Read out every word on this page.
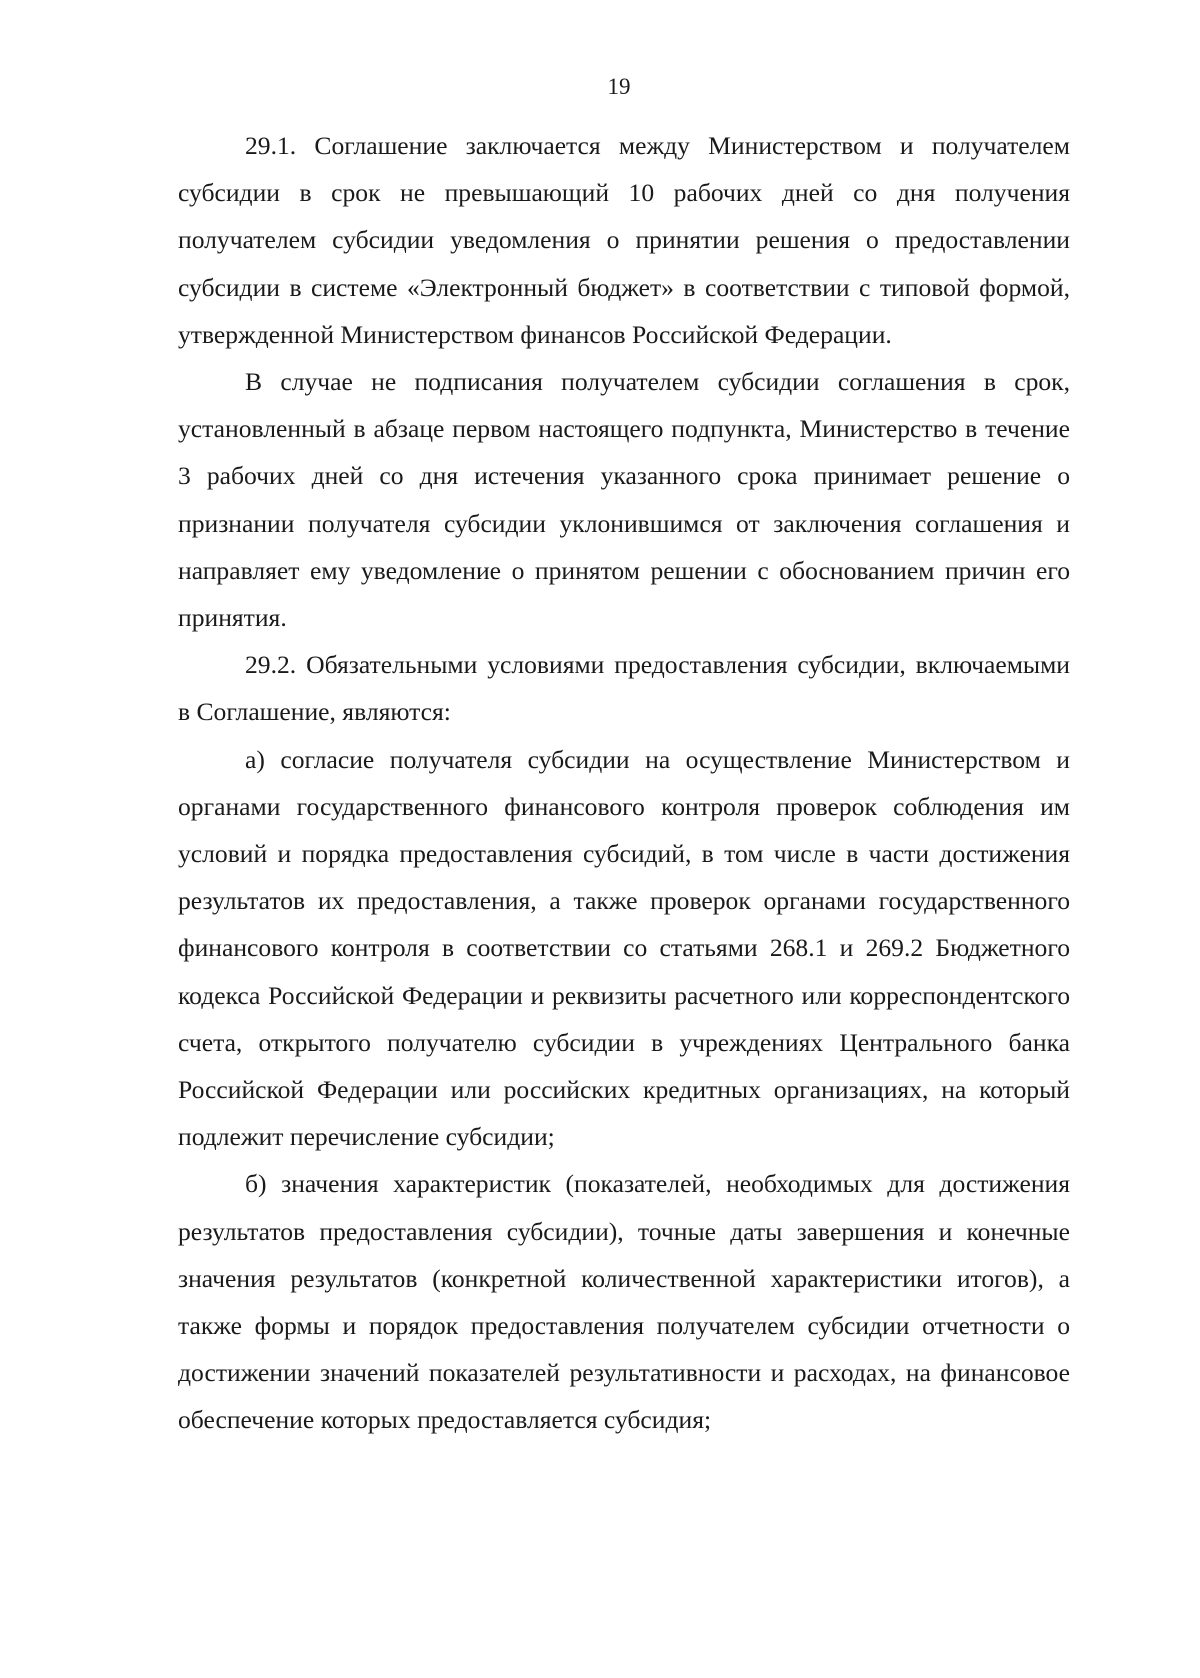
19

29.1. Соглашение заключается между Министерством и получателем субсидии в срок не превышающий 10 рабочих дней со дня получения получателем субсидии уведомления о принятии решения о предоставлении субсидии в системе «Электронный бюджет» в соответствии с типовой формой, утвержденной Министерством финансов Российской Федерации.

В случае не подписания получателем субсидии соглашения в срок, установленный в абзаце первом настоящего подпункта, Министерство в течение 3 рабочих дней со дня истечения указанного срока принимает решение о признании получателя субсидии уклонившимся от заключения соглашения и направляет ему уведомление о принятом решении с обоснованием причин его принятия.

29.2. Обязательными условиями предоставления субсидии, включаемыми в Соглашение, являются:

а) согласие получателя субсидии на осуществление Министерством и органами государственного финансового контроля проверок соблюдения им условий и порядка предоставления субсидий, в том числе в части достижения результатов их предоставления, а также проверок органами государственного финансового контроля в соответствии со статьями 268.1 и 269.2 Бюджетного кодекса Российской Федерации и реквизиты расчетного или корреспондентского счета, открытого получателю субсидии в учреждениях Центрального банка Российской Федерации или российских кредитных организациях, на который подлежит перечисление субсидии;

б) значения характеристик (показателей, необходимых для достижения результатов предоставления субсидии), точные даты завершения и конечные значения результатов (конкретной количественной характеристики итогов), а также формы и порядок предоставления получателем субсидии отчетности о достижении значений показателей результативности и расходах, на финансовое обеспечение которых предоставляется субсидия;
